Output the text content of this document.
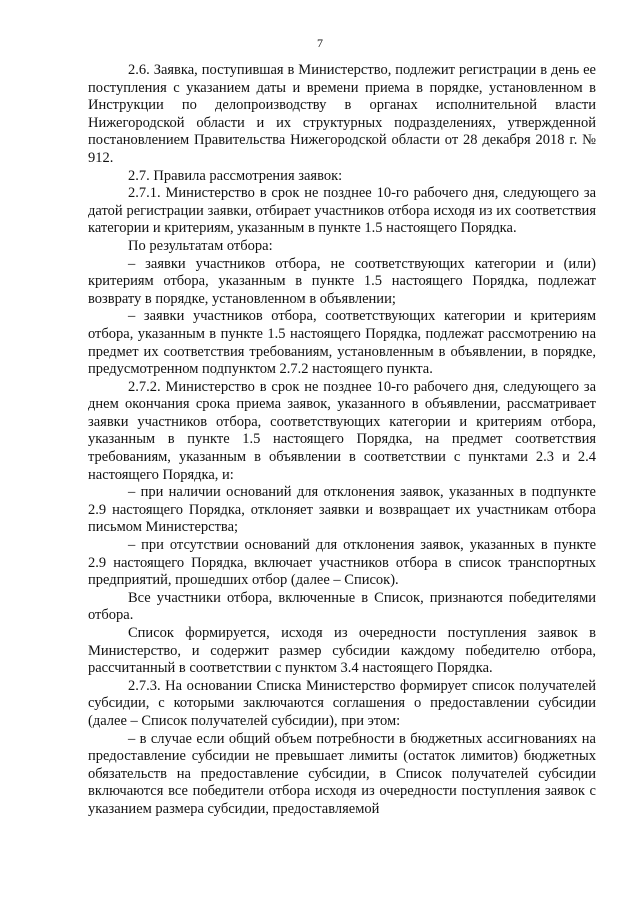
7

2.6. Заявка, поступившая в Министерство, подлежит регистрации в день ее поступления с указанием даты и времени приема в порядке, установленном в Инструкции по делопроизводству в органах исполнительной власти Нижегородской области и их структурных подразделениях, утвержденной постановлением Правительства Нижегородской области от 28 декабря 2018 г. № 912.

2.7. Правила рассмотрения заявок:

2.7.1. Министерство в срок не позднее 10-го рабочего дня, следующего за датой регистрации заявки, отбирает участников отбора исходя из их соответствия категории и критериям, указанным в пункте 1.5 настоящего Порядка.

По результатам отбора:

– заявки участников отбора, не соответствующих категории и (или) критериям отбора, указанным в пункте 1.5 настоящего Порядка, подлежат возврату в порядке, установленном в объявлении;

– заявки участников отбора, соответствующих категории и критериям отбора, указанным в пункте 1.5 настоящего Порядка, подлежат рассмотрению на предмет их соответствия требованиям, установленным в объявлении, в порядке, предусмотренном подпунктом 2.7.2 настоящего пункта.

2.7.2. Министерство в срок не позднее 10-го рабочего дня, следующего за днем окончания срока приема заявок, указанного в объявлении, рассматривает заявки участников отбора, соответствующих категории и критериям отбора, указанным в пункте 1.5 настоящего Порядка, на предмет соответствия требованиям, указанным в объявлении в соответствии с пунктами 2.3 и 2.4 настоящего Порядка, и:

– при наличии оснований для отклонения заявок, указанных в подпункте 2.9 настоящего Порядка, отклоняет заявки и возвращает их участникам отбора письмом Министерства;

– при отсутствии оснований для отклонения заявок, указанных в пункте 2.9 настоящего Порядка, включает участников отбора в список транспортных предприятий, прошедших отбор (далее – Список).

Все участники отбора, включенные в Список, признаются победителями отбора.

Список формируется, исходя из очередности поступления заявок в Министерство, и содержит размер субсидии каждому победителю отбора, рассчитанный в соответствии с пунктом 3.4 настоящего Порядка.

2.7.3. На основании Списка Министерство формирует список получателей субсидии, с которыми заключаются соглашения о предоставлении субсидии (далее – Список получателей субсидии), при этом:

– в случае если общий объем потребности в бюджетных ассигнованиях на предоставление субсидии не превышает лимиты (остаток лимитов) бюджетных обязательств на предоставление субсидии, в Список получателей субсидии включаются все победители отбора исходя из очередности поступления заявок с указанием размера субсидии, предоставляемой
